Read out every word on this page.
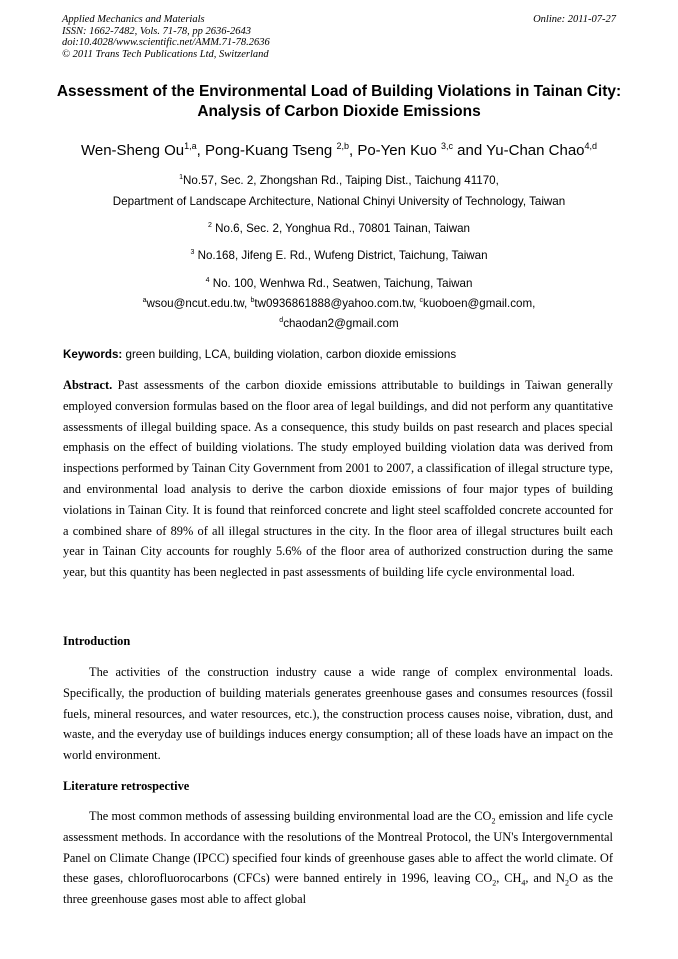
Applied Mechanics and Materials
ISSN: 1662-7482, Vols. 71-78, pp 2636-2643
doi:10.4028/www.scientific.net/AMM.71-78.2636
© 2011 Trans Tech Publications Ltd, Switzerland
Online: 2011-07-27
Assessment of the Environmental Load of Building Violations in Tainan City: Analysis of Carbon Dioxide Emissions
Wen-Sheng Ou$^{1,a}$, Pong-Kuang Tseng $^{2,b}$, Po-Yen Kuo $^{3,c}$ and Yu-Chan Chao$^{4,d}$
$^1$No.57, Sec. 2, Zhongshan Rd., Taiping Dist., Taichung 41170,
Department of Landscape Architecture, National Chinyi University of Technology, Taiwan
$^2$ No.6, Sec. 2, Yonghua Rd., 70801 Tainan, Taiwan
$^3$ No.168, Jifeng E. Rd., Wufeng District, Taichung, Taiwan
$^4$ No. 100, Wenhwa Rd., Seatwen, Taichung, Taiwan
$^a$wsou@ncut.edu.tw, $^b$tw0936861888@yahoo.com.tw, $^c$kuoboen@gmail.com,
$^d$chaodan2@gmail.com
Keywords: green building, LCA, building violation, carbon dioxide emissions
Abstract. Past assessments of the carbon dioxide emissions attributable to buildings in Taiwan generally employed conversion formulas based on the floor area of legal buildings, and did not perform any quantitative assessments of illegal building space. As a consequence, this study builds on past research and places special emphasis on the effect of building violations. The study employed building violation data was derived from inspections performed by Tainan City Government from 2001 to 2007, a classification of illegal structure type, and environmental load analysis to derive the carbon dioxide emissions of four major types of building violations in Tainan City. It is found that reinforced concrete and light steel scaffolded concrete accounted for a combined share of 89% of all illegal structures in the city. In the floor area of illegal structures built each year in Tainan City accounts for roughly 5.6% of the floor area of authorized construction during the same year, but this quantity has been neglected in past assessments of building life cycle environmental load.
Introduction
The activities of the construction industry cause a wide range of complex environmental loads. Specifically, the production of building materials generates greenhouse gases and consumes resources (fossil fuels, mineral resources, and water resources, etc.), the construction process causes noise, vibration, dust, and waste, and the everyday use of buildings induces energy consumption; all of these loads have an impact on the world environment.
Literature retrospective
The most common methods of assessing building environmental load are the $CO_2$ emission and life cycle assessment methods. In accordance with the resolutions of the Montreal Protocol, the UN's Intergovernmental Panel on Climate Change (IPCC) specified four kinds of greenhouse gases able to affect the world climate. Of these gases, chlorofluorocarbons (CFCs) were banned entirely in 1996, leaving $CO_2$, $CH_4$, and $N_2O$ as the three greenhouse gases most able to affect global
